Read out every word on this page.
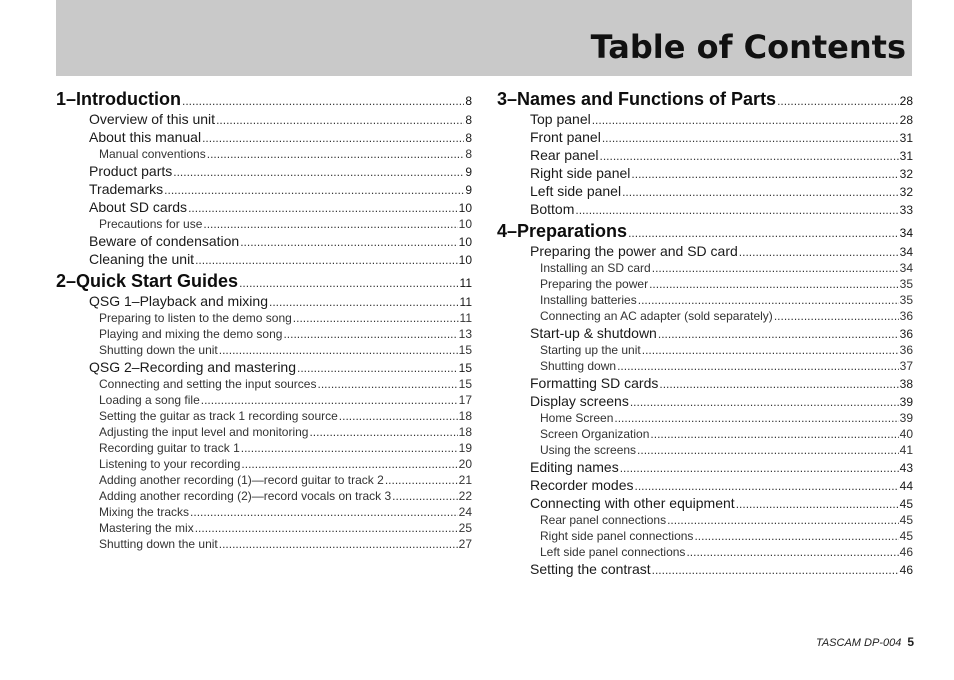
Table of Contents
1–Introduction .....	8
Overview of this unit .....	8
About this manual .....	8
Manual conventions .....	8
Product parts .....	9
Trademarks .....	9
About SD cards .....	10
Precautions for use .....	10
Beware of condensation .....	10
Cleaning the unit .....	10
2–Quick Start Guides .....	11
QSG 1–Playback and mixing .....	11
Preparing to listen to the demo song .....	11
Playing and mixing the demo song .....	13
Shutting down the unit .....	15
QSG 2–Recording and mastering .....	15
Connecting and setting the input sources .....	15
Loading a song file .....	17
Setting the guitar as track 1 recording source .....	18
Adjusting the input level and monitoring .....	18
Recording guitar to track 1 .....	19
Listening to your recording .....	20
Adding another recording (1)—record guitar to track 2 .....	21
Adding another recording (2)—record vocals on track 3 .....	22
Mixing the tracks .....	24
Mastering the mix .....	25
Shutting down the unit .....	27
3–Names and Functions of Parts .....	28
Top panel .....	28
Front panel .....	31
Rear panel .....	31
Right side panel .....	32
Left side panel .....	32
Bottom .....	33
4–Preparations .....	34
Preparing the power and SD card .....	34
Installing an SD card .....	34
Preparing the power .....	35
Installing batteries .....	35
Connecting an AC adapter (sold separately) .....	36
Start-up & shutdown .....	36
Starting up the unit .....	36
Shutting down .....	37
Formatting SD cards .....	38
Display screens .....	39
Home Screen .....	39
Screen Organization .....	40
Using the screens .....	41
Editing names .....	43
Recorder modes .....	44
Connecting with other equipment .....	45
Rear panel connections .....	45
Right side panel connections .....	45
Left side panel connections .....	46
Setting the contrast .....	46
TASCAM DP-004 5
